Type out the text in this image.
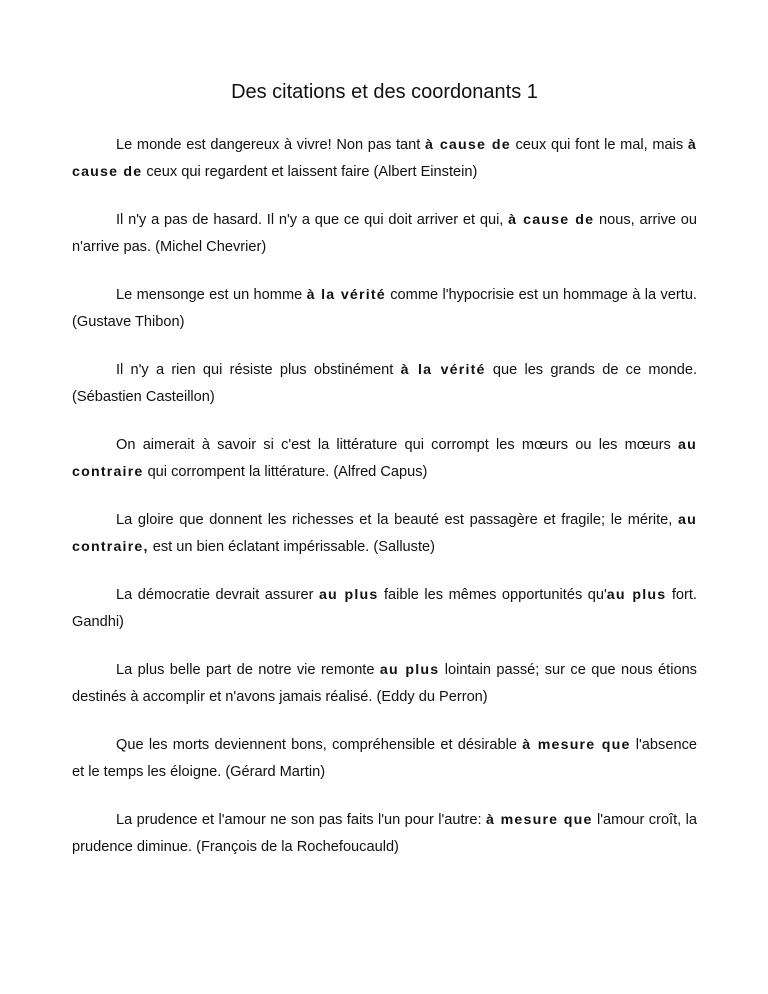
Des citations et des coordonants 1

Le monde est dangereux à vivre! Non pas tant à cause de ceux qui font le mal, mais à cause de ceux qui regardent et laissent faire (Albert Einstein)

Il n'y a pas de hasard. Il n'y a que ce qui doit arriver et qui, à cause de nous, arrive ou n'arrive pas. (Michel Chevrier)

Le mensonge est un homme à la vérité comme l'hypocrisie est un hommage à la vertu. (Gustave Thibon)

Il n'y a rien qui résiste plus obstinément à la vérité que les grands de ce monde. (Sébastien Casteillon)

On aimerait à savoir si c'est la littérature qui corrompt les mœurs ou les mœurs au contraire qui corrompent la littérature. (Alfred Capus)

La gloire que donnent les richesses et la beauté est passagère et fragile; le mérite, au contraire, est un bien éclatant impérissable. (Salluste)

La démocratie devrait assurer au plus faible les mêmes opportunités qu'au plus fort. Gandhi)

La plus belle part de notre vie remonte au plus lointain passé; sur ce que nous étions destinés à accomplir et n'avons jamais réalisé. (Eddy du Perron)

Que les morts deviennent bons, compréhensible et désirable à mesure que l'absence et le temps les éloigne. (Gérard Martin)

La prudence et l'amour ne son pas faits l'un pour l'autre: à mesure que l'amour croît, la prudence diminue. (François de la Rochefoucauld)
